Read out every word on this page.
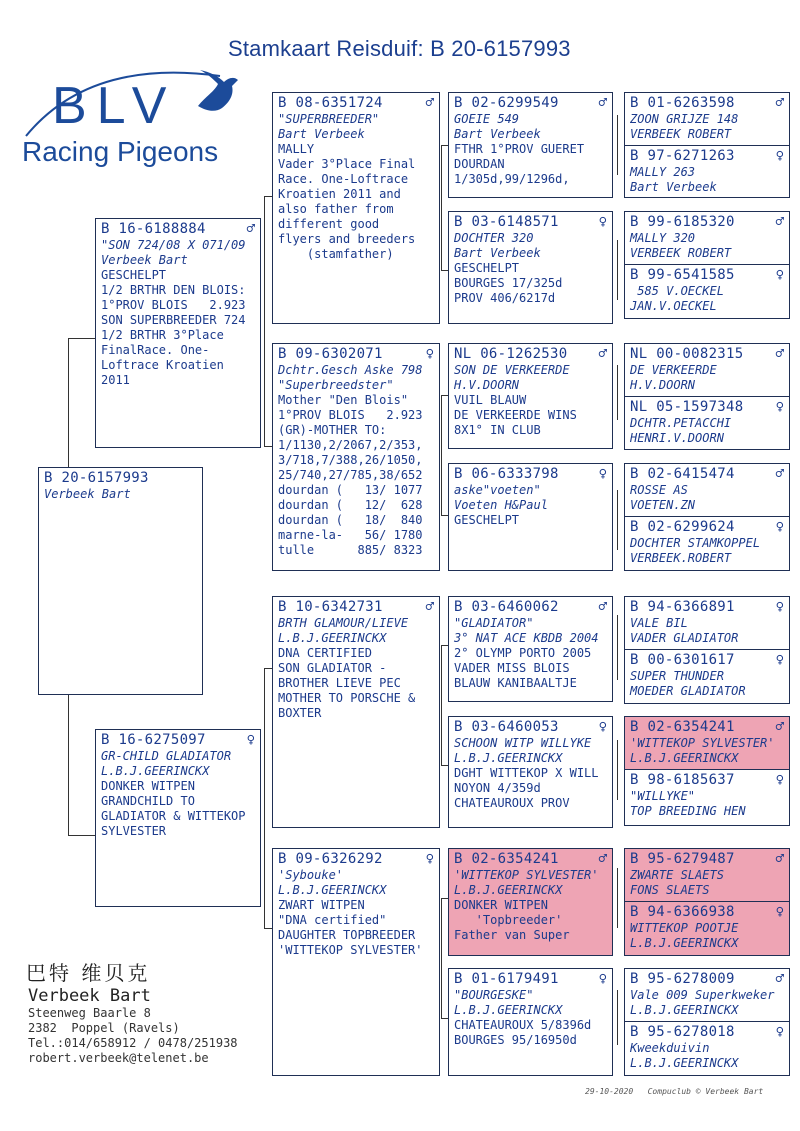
Stamkaart Reisduif: B 20-6157993
BLV
Racing Pigeons
B 20-6157993
Verbeek Bart
B 16-6188884	♂
"SON 724/08 X 071/09
Verbeek Bart
GESCHELPT
1/2 BRTHR DEN BLOIS:
1°PROV BLOIS   2.923
SON SUPERBREEDER 724
1/2 BRTHR 3°Place
FinalRace. One-
Loftrace Kroatien
2011
B 16-6275097	♀
GR-CHILD GLADIATOR
L.B.J.GEERINCKX
DONKER WITPEN
GRANDCHILD TO
GLADIATOR & WITTEKOP
SYLVESTER
B 08-6351724	♂
"SUPERBREEDER"
Bart Verbeek
MALLY
Vader 3°Place Final
Race. One-Loftrace
Kroatien 2011 and
also father from
different good
flyers and breeders
(stamfather)
B 09-6302071	♀
Dchtr.Gesch Aske 798
"Superbreedster"
Mother "Den Blois"
1°PROV BLOIS   2.923
(GR)-MOTHER TO:
1/1130,2/2067,2/353,
3/718,7/388,26/1050,
25/740,27/785,38/652
dourdan (   13/ 1077
dourdan (   12/  628
dourdan (   18/  840
marne-la-   56/ 1780
tulle      885/ 8323
B 10-6342731	♂
BRTH GLAMOUR/LIEVE
L.B.J.GEERINCKX
DNA CERTIFIED
SON GLADIATOR -
BROTHER LIEVE PEC
MOTHER TO PORSCHE &
BOXTER
B 09-6326292	♀
'Sybouke'
L.B.J.GEERINCKX
ZWART WITPEN
"DNA certified"
DAUGHTER TOPBREEDER
'WITTEKOP SYLVESTER'
B 02-6299549	♂
GOEIE 549
Bart Verbeek
FTHR 1°PROV GUERET
DOURDAN
1/305d,99/1296d,
B 03-6148571	♀
DOCHTER 320
Bart Verbeek
GESCHELPT
BOURGES 17/325d
PROV 406/6217d
NL 06-1262530 ♂
SON DE VERKEERDE
H.V.DOORN
VUIL BLAUW
DE VERKEERDE WINS
8X1° IN CLUB
B 06-6333798	♀
aske"voeten"
Voeten H&Paul
GESCHELPT
B 03-6460062	♂
"GLADIATOR"
3° NAT ACE KBDB 2004
2° OLYMP PORTO 2005
VADER MISS BLOIS
BLAUW KANIBAALTJE
B 03-6460053	♀
SCHOON WITP WILLYKE
L.B.J.GEERINCKX
DGHT WITTEKOP X WILL
NOYON 4/359d
CHATEAUROUX PROV
B 02-6354241	♂
'WITTEKOP SYLVESTER'
L.B.J.GEERINCKX
DONKER WITPEN
'Topbreeder'
Father van Super
B 01-6179491	♀
"BOURGESKE"
L.B.J.GEERINCKX
CHATEAUROUX 5/8396d
BOURGES 95/16950d
B 01-6263598	♂
ZOON GRIJZE 148
VERBEEK ROBERT
B 97-6271263	♀
MALLY 263
Bart Verbeek
B 99-6185320	♂
MALLY 320
VERBEEK ROBERT
B 99-6541585	♀
585 V.OECKEL
JAN.V.OECKEL
NL 00-0082315 ♂
DE VERKEERDE
H.V.DOORN
NL 05-1597348 ♀
DCHTR.PETACCHI
HENRI.V.DOORN
B 02-6415474	♂
ROSSE AS
VOETEN.ZN
B 02-6299624	♀
DOCHTER STAMKOPPEL
VERBEEK.ROBERT
B 94-6366891	♀
VALE BIL
VADER GLADIATOR
B 00-6301617	♀
SUPER THUNDER
MOEDER GLADIATOR
B 02-6354241	♂
'WITTEKOP SYLVESTER'
L.B.J.GEERINCKX
B 98-6185637	♀
"WILLYKE"
TOP BREEDING HEN
B 95-6279487	♂
ZWARTE SLAETS
FONS SLAETS
B 94-6366938	♀
WITTEKOP POOTJE
L.B.J.GEERINCKX
B 95-6278009	♂
Vale 009 Superkweker
L.B.J.GEERINCKX
B 95-6278018	♀
Kweekduivin
L.B.J.GEERINCKX
巴特 维贝克
Verbeek Bart
Steenweg Baarle 8
2382  Poppel (Ravels)
Tel.:014/658912 / 0478/251938
robert.verbeek@telenet.be
29-10-2020   Compuclub © Verbeek Bart
